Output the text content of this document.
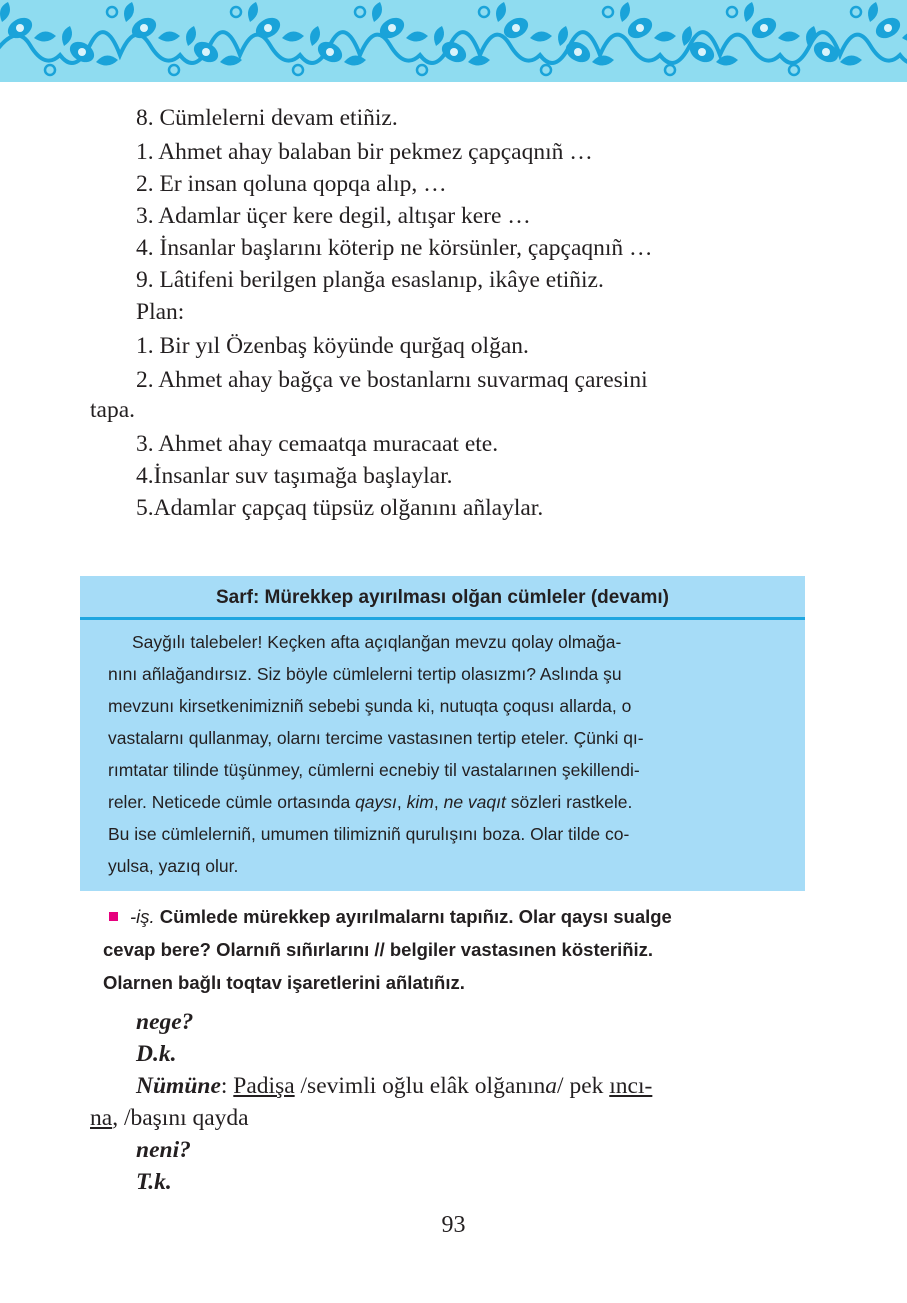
8. Cümlelerni devam etiñiz.
1. Ahmet ahay balaban bir pekmez çapçaqnıñ …
2. Er insan qoluna qopqa alıp, …
3. Adamlar üçer kere degil, altışar kere …
4. İnsanlar başlarını köterip ne körsünler, çapçaqnıñ …
9. Lâtifeni berilgen planğa esaslanıp, ikâye etiñiz.
Plan:
1. Bir yıl Özenbaş köyünde qurğaq olğan.
2. Ahmet ahay bağça ve bostanlarnı suvarmaq çaresini
tapa.
3. Ahmet ahay cemaatqa muracaat ete.
4.İnsanlar suv taşımağa başlaylar.
5.Adamlar çapçaq tüpsüz olğanını añlaylar.
Sarf: Mürekkep ayırılması olğan cümleler (devamı)
Sayğılı talebeler! Keçken afta açıqlanğan mevzu qolay olmağa-
nını añlağandırsız. Siz böyle cümlelerni tertip olasızmı? Aslında şu
mevzunı kirsetkenimizniñ sebebi şunda ki, nutuqta çoqusı allarda, o
vastalarnı qullanmay, olarnı tercime vastasınen tertip eteler. Çünki qı-
rımtatar tilinde tüşünmey, cümlerni ecnebiy til vastalarınen şekillendi-
reler. Neticede cümle ortasında qaysı, kim, ne vaqıt sözleri rastkele.
Bu ise cümlelerniñ, umumen tilimizniñ qurulışını boza. Olar tilde co-
yulsa, yazıq olur.
-iş. Cümlede mürekkep ayırılmalarnı tapıñız. Olar qaysı sualge
cevap bere? Olarnıñ sıñırlarını // belgiler vastasınen kösteriñiz.
Olarnen bağlı toqtav işaretlerini añlatıñız.
nege?
D.k.
Nümüne: Padişa /sevimli oğlu elâk olğanına/ pek ıncı-
na, /başını qayda
neni?
T.k.
93
